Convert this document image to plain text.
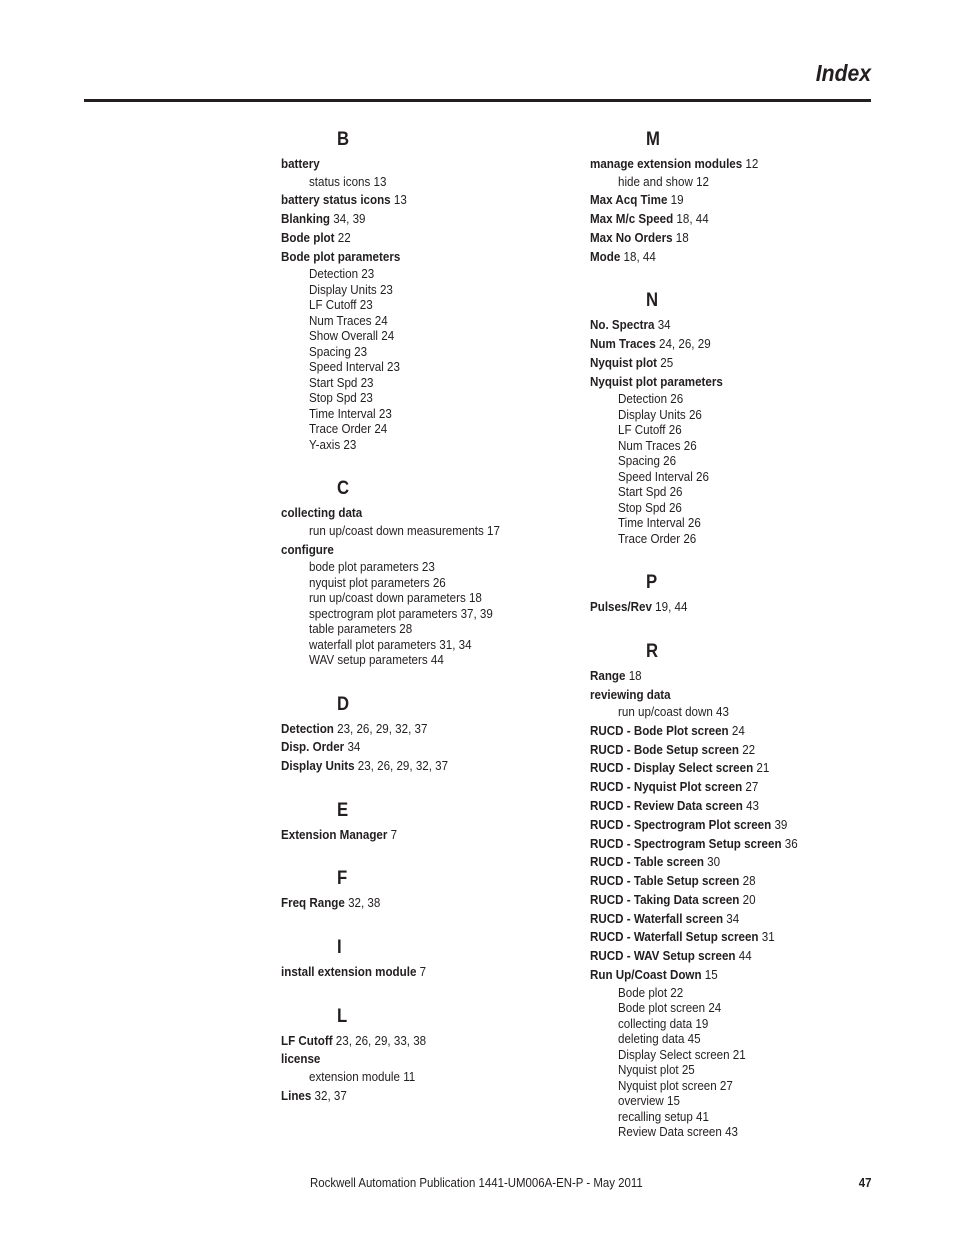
Index
B
battery
status icons 13
battery status icons 13
Blanking 34, 39
Bode plot 22
Bode plot parameters
Detection 23
Display Units 23
LF Cutoff 23
Num Traces 24
Show Overall 24
Spacing 23
Speed Interval 23
Start Spd 23
Stop Spd 23
Time Interval 23
Trace Order 24
Y-axis 23
C
collecting data
run up/coast down measurements 17
configure
bode plot parameters 23
nyquist plot parameters 26
run up/coast down parameters 18
spectrogram plot parameters 37, 39
table parameters 28
waterfall plot parameters 31, 34
WAV setup parameters 44
D
Detection 23, 26, 29, 32, 37
Disp. Order 34
Display Units 23, 26, 29, 32, 37
E
Extension Manager 7
F
Freq Range 32, 38
I
install extension module 7
L
LF Cutoff 23, 26, 29, 33, 38
license
extension module 11
Lines 32, 37
M
manage extension modules 12
hide and show 12
Max Acq Time 19
Max M/c Speed 18, 44
Max No Orders 18
Mode 18, 44
N
No. Spectra 34
Num Traces 24, 26, 29
Nyquist plot 25
Nyquist plot parameters
Detection 26
Display Units 26
LF Cutoff 26
Num Traces 26
Spacing 26
Speed Interval 26
Start Spd 26
Stop Spd 26
Time Interval 26
Trace Order 26
P
Pulses/Rev 19, 44
R
Range 18
reviewing data
run up/coast down 43
RUCD - Bode Plot screen 24
RUCD - Bode Setup screen 22
RUCD - Display Select screen 21
RUCD - Nyquist Plot screen 27
RUCD - Review Data screen 43
RUCD - Spectrogram Plot screen 39
RUCD - Spectrogram Setup screen 36
RUCD - Table screen 30
RUCD - Table Setup screen 28
RUCD - Taking Data screen 20
RUCD - Waterfall screen 34
RUCD - Waterfall Setup screen 31
RUCD - WAV Setup screen 44
Run Up/Coast Down 15
Bode plot 22
Bode plot screen 24
collecting data 19
deleting data 45
Display Select screen 21
Nyquist plot 25
Nyquist plot screen 27
overview 15
recalling setup 41
Review Data screen 43
Rockwell Automation Publication 1441-UM006A-EN-P - May 2011	47
